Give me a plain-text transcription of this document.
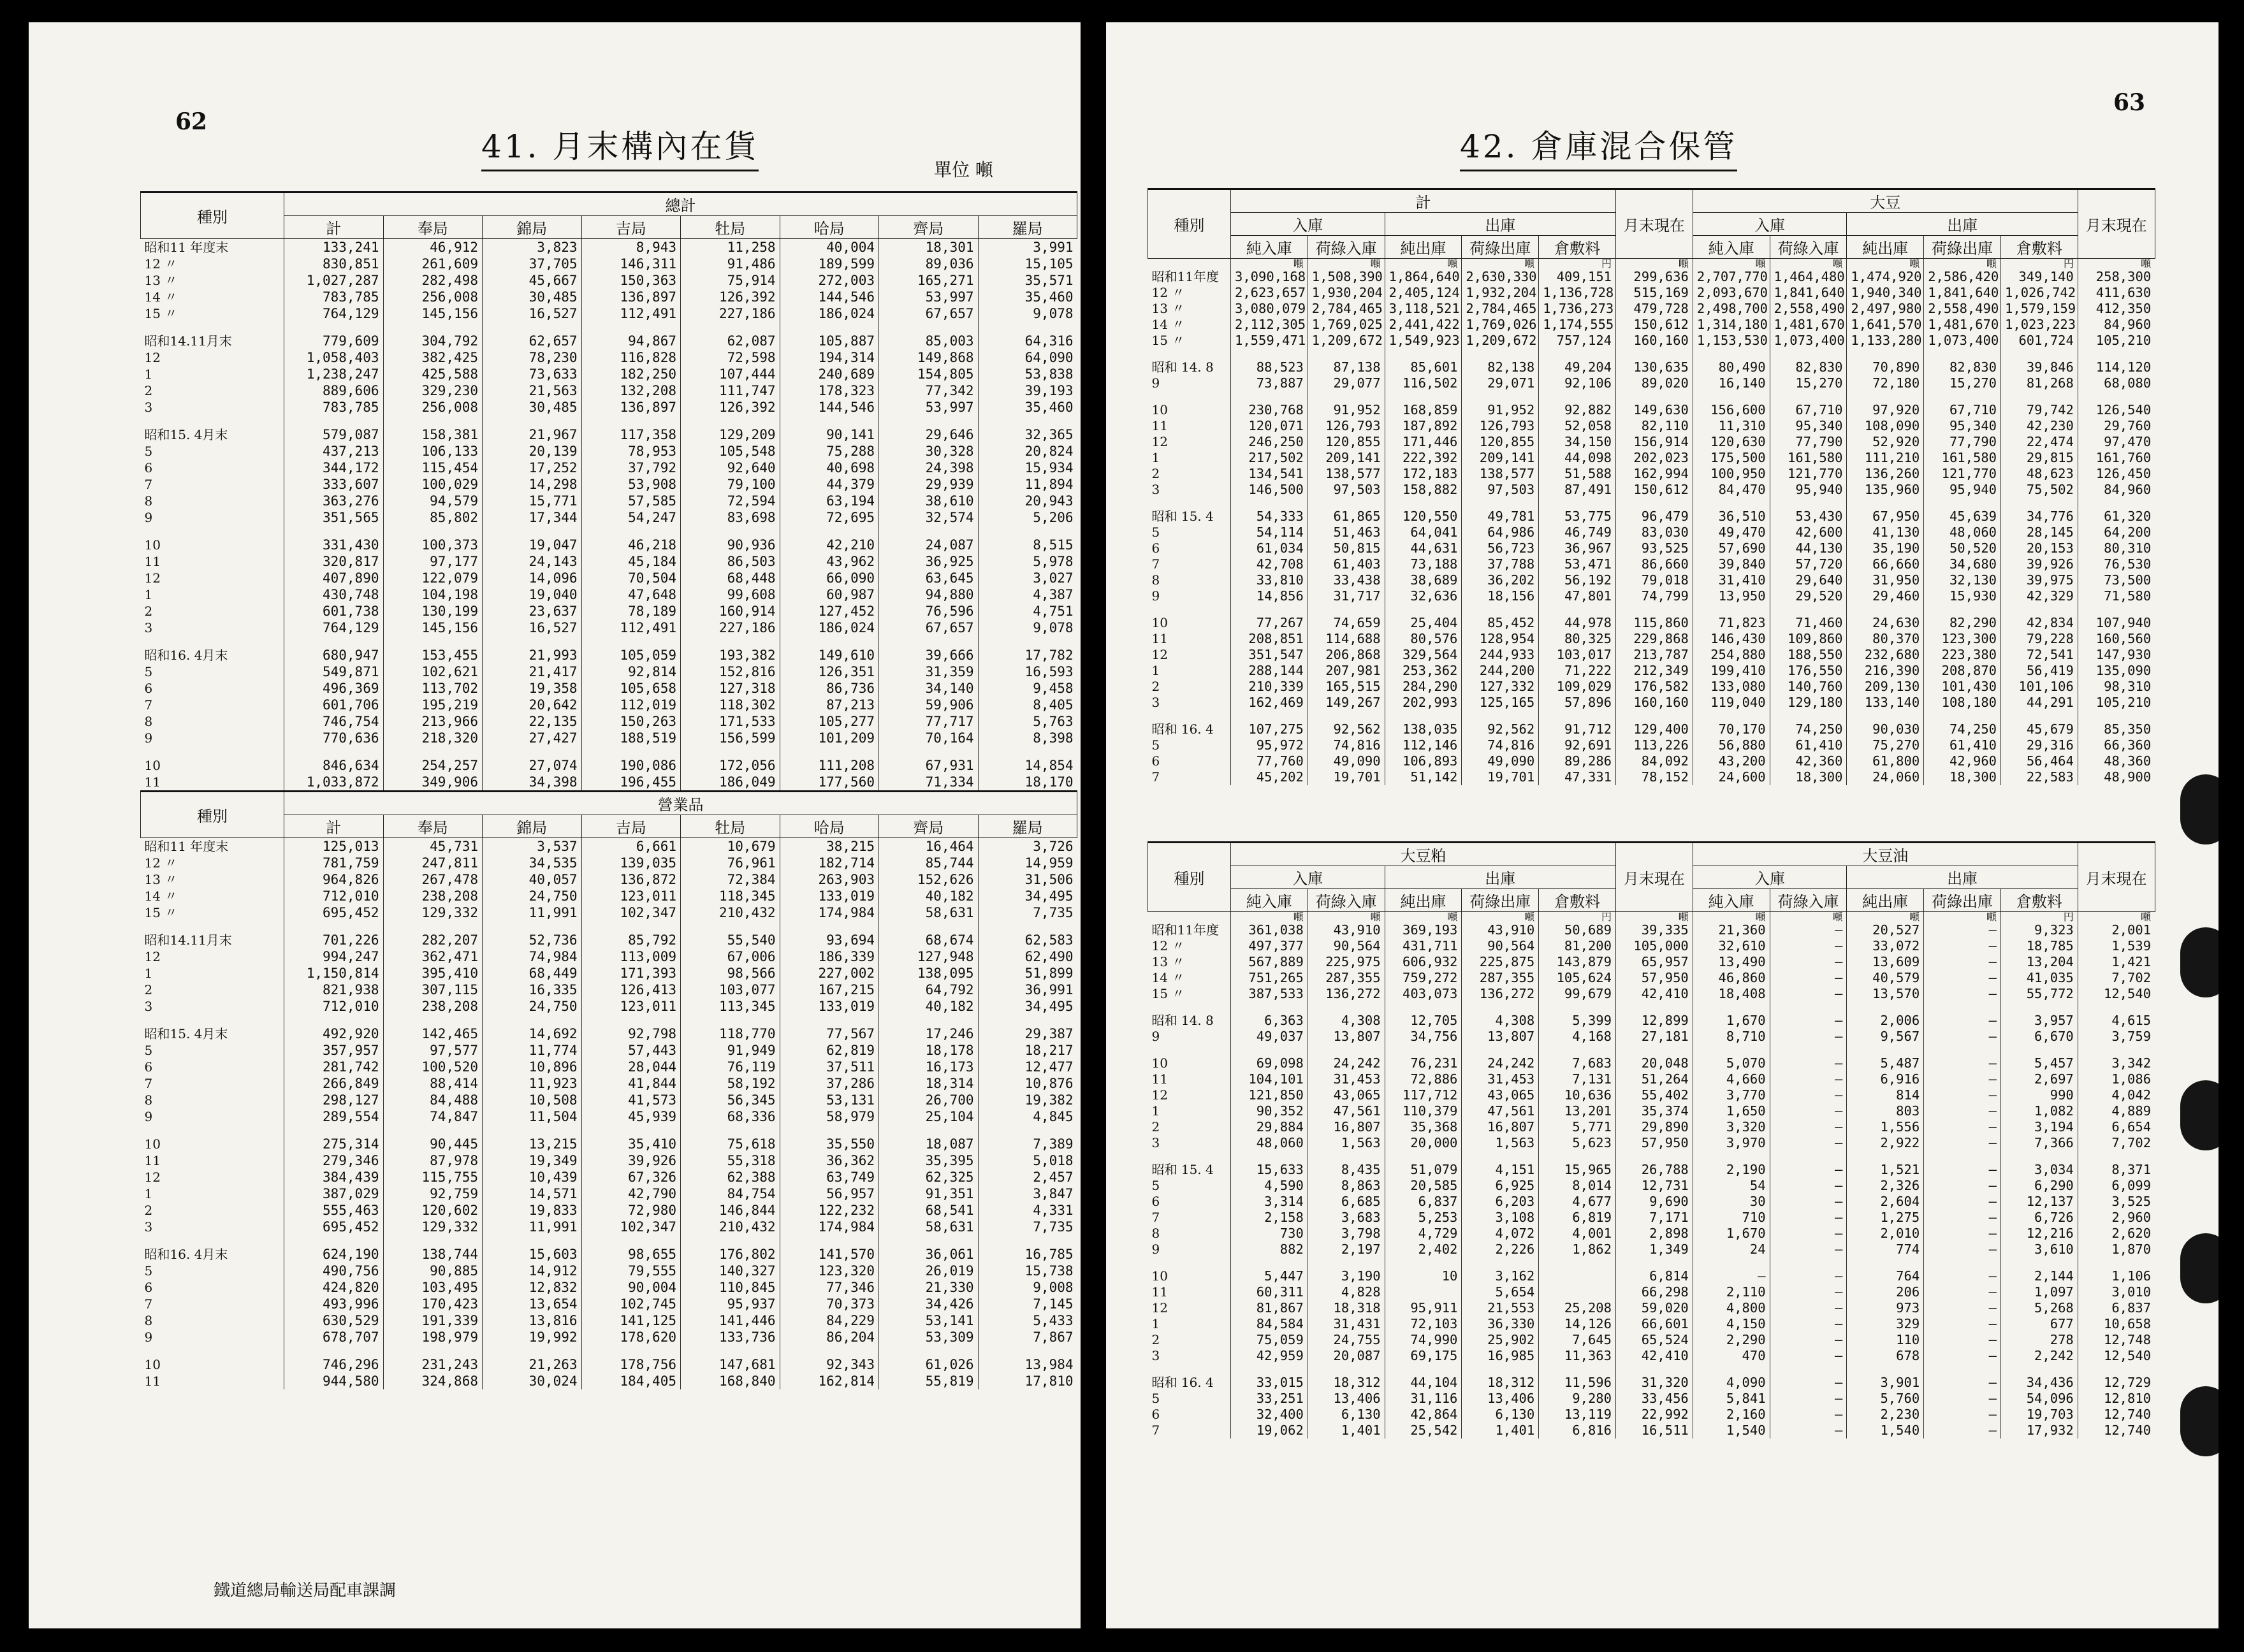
62
41. 月末構內在貨
單位 噸
種別	總計							
	計	奉局	錦局	吉局	牡局	哈局	齊局	羅局
昭和11 年度末	133,241	46,912	3,823	8,943	11,258	40,004	18,301	3,991
12 〃	830,851	261,609	37,705	146,311	91,486	189,599	89,036	15,105
13 〃	1,027,287	282,498	45,667	150,363	75,914	272,003	165,271	35,571
14 〃	783,785	256,008	30,485	136,897	126,392	144,546	53,997	35,460
15 〃	764,129	145,156	16,527	112,491	227,186	186,024	67,657	9,078
昭和14.11月末	779,609	304,792	62,657	94,867	62,087	105,887	85,003	64,316
12	1,058,403	382,425	78,230	116,828	72,598	194,314	149,868	64,090
1	1,238,247	425,588	73,633	182,250	107,444	240,689	154,805	53,838
2	889,606	329,230	21,563	132,208	111,747	178,323	77,342	39,193
3	783,785	256,008	30,485	136,897	126,392	144,546	53,997	35,460
昭和15. 4月末	579,087	158,381	21,967	117,358	129,209	90,141	29,646	32,365
5	437,213	106,133	20,139	78,953	105,548	75,288	30,328	20,824
6	344,172	115,454	17,252	37,792	92,640	40,698	24,398	15,934
7	333,607	100,029	14,298	53,908	79,100	44,379	29,939	11,894
8	363,276	94,579	15,771	57,585	72,594	63,194	38,610	20,943
9	351,565	85,802	17,344	54,247	83,698	72,695	32,574	5,206
10	331,430	100,373	19,047	46,218	90,936	42,210	24,087	8,515
11	320,817	97,177	24,143	45,184	86,503	43,962	36,925	5,978
12	407,890	122,079	14,096	70,504	68,448	66,090	63,645	3,027
1	430,748	104,198	19,040	47,648	99,608	60,987	94,880	4,387
2	601,738	130,199	23,637	78,189	160,914	127,452	76,596	4,751
3	764,129	145,156	16,527	112,491	227,186	186,024	67,657	9,078
昭和16. 4月末	680,947	153,455	21,993	105,059	193,382	149,610	39,666	17,782
5	549,871	102,621	21,417	92,814	152,816	126,351	31,359	16,593
6	496,369	113,702	19,358	105,658	127,318	86,736	34,140	9,458
7	601,706	195,219	20,642	112,019	118,302	87,213	59,906	8,405
8	746,754	213,966	22,135	150,263	171,533	105,277	77,717	5,763
9	770,636	218,320	27,427	188,519	156,599	101,209	70,164	8,398
10	846,634	254,257	27,074	190,086	172,056	111,208	67,931	14,854
11	1,033,872	349,906	34,398	196,455	186,049	177,560	71,334	18,170
種別	營業品							
	計	奉局	錦局	吉局	牡局	哈局	齊局	羅局
昭和11 年度末	125,013	45,731	3,537	6,661	10,679	38,215	16,464	3,726
12 〃	781,759	247,811	34,535	139,035	76,961	182,714	85,744	14,959
13 〃	964,826	267,478	40,057	136,872	72,384	263,903	152,626	31,506
14 〃	712,010	238,208	24,750	123,011	118,345	133,019	40,182	34,495
15 〃	695,452	129,332	11,991	102,347	210,432	174,984	58,631	7,735
昭和14.11月末	701,226	282,207	52,736	85,792	55,540	93,694	68,674	62,583
12	994,247	362,471	74,984	113,009	67,006	186,339	127,948	62,490
1	1,150,814	395,410	68,449	171,393	98,566	227,002	138,095	51,899
2	821,938	307,115	16,335	126,413	103,077	167,215	64,792	36,991
3	712,010	238,208	24,750	123,011	113,345	133,019	40,182	34,495
昭和15. 4月末	492,920	142,465	14,692	92,798	118,770	77,567	17,246	29,387
5	357,957	97,577	11,774	57,443	91,949	62,819	18,178	18,217
6	281,742	100,520	10,896	28,044	76,119	37,511	16,173	12,477
7	266,849	88,414	11,923	41,844	58,192	37,286	18,314	10,876
8	298,127	84,488	10,508	41,573	56,345	53,131	26,700	19,382
9	289,554	74,847	11,504	45,939	68,336	58,979	25,104	4,845
10	275,314	90,445	13,215	35,410	75,618	35,550	18,087	7,389
11	279,346	87,978	19,349	39,926	55,318	36,362	35,395	5,018
12	384,439	115,755	10,439	67,326	62,388	63,749	62,325	2,457
1	387,029	92,759	14,571	42,790	84,754	56,957	91,351	3,847
2	555,463	120,602	19,833	72,980	146,844	122,232	68,541	4,331
3	695,452	129,332	11,991	102,347	210,432	174,984	58,631	7,735
昭和16. 4月末	624,190	138,744	15,603	98,655	176,802	141,570	36,061	16,785
5	490,756	90,885	14,912	79,555	140,327	123,320	26,019	15,738
6	424,820	103,495	12,832	90,004	110,845	77,346	21,330	9,008
7	493,996	170,423	13,654	102,745	95,937	70,373	34,426	7,145
8	630,529	191,339	13,816	141,125	141,446	84,229	53,141	5,433
9	678,707	198,979	19,992	178,620	133,736	86,204	53,309	7,867
10	746,296	231,243	21,263	178,756	147,681	92,343	61,026	13,984
11	944,580	324,868	30,024	184,405	168,840	162,814	55,819	17,810
鐵道總局輸送局配車課調
63
42. 倉庫混合保管
種別	計					月末現在	大豆					月末現在
	入庫		出庫				入庫		出庫			
	純入庫	荷綠入庫	純出庫	荷綠出庫	倉敷料		純入庫	荷綠入庫	純出庫	荷綠出庫	倉敷料	
	噸	噸	噸	噸	円	噸	噸	噸	噸	噸	円	噸
昭和11年度	3,090,168	1,508,390	1,864,640	2,630,330	409,151	299,636	2,707,770	1,464,480	1,474,920	2,586,420	349,140	258,300
12 〃	2,623,657	1,930,204	2,405,124	1,932,204	1,136,728	515,169	2,093,670	1,841,640	1,940,340	1,841,640	1,026,742	411,630
13 〃	3,080,079	2,784,465	3,118,521	2,784,465	1,736,273	479,728	2,498,700	2,558,490	2,497,980	2,558,490	1,579,159	412,350
14 〃	2,112,305	1,769,025	2,441,422	1,769,026	1,174,555	150,612	1,314,180	1,481,670	1,641,570	1,481,670	1,023,223	84,960
15 〃	1,559,471	1,209,672	1,549,923	1,209,672	757,124	160,160	1,153,530	1,073,400	1,133,280	1,073,400	601,724	105,210
昭和 14. 8	88,523	87,138	85,601	82,138	49,204	130,635	80,490	82,830	70,890	82,830	39,846	114,120
9	73,887	29,077	116,502	29,071	92,106	89,020	16,140	15,270	72,180	15,270	81,268	68,080
10	230,768	91,952	168,859	91,952	92,882	149,630	156,600	67,710	97,920	67,710	79,742	126,540
11	120,071	126,793	187,892	126,793	52,058	82,110	11,310	95,340	108,090	95,340	42,230	29,760
12	246,250	120,855	171,446	120,855	34,150	156,914	120,630	77,790	52,920	77,790	22,474	97,470
1	217,502	209,141	222,392	209,141	44,098	202,023	175,500	161,580	111,210	161,580	29,815	161,760
2	134,541	138,577	172,183	138,577	51,588	162,994	100,950	121,770	136,260	121,770	48,623	126,450
3	146,500	97,503	158,882	97,503	87,491	150,612	84,470	95,940	135,960	95,940	75,502	84,960
昭和 15. 4	54,333	61,865	120,550	49,781	53,775	96,479	36,510	53,430	67,950	45,639	34,776	61,320
5	54,114	51,463	64,041	64,986	46,749	83,030	49,470	42,600	41,130	48,060	28,145	64,200
6	61,034	50,815	44,631	56,723	36,967	93,525	57,690	44,130	35,190	50,520	20,153	80,310
7	42,708	61,403	73,188	37,788	53,471	86,660	39,840	57,720	66,660	34,680	39,926	76,530
8	33,810	33,438	38,689	36,202	56,192	79,018	31,410	29,640	31,950	32,130	39,975	73,500
9	14,856	31,717	32,636	18,156	47,801	74,799	13,950	29,520	29,460	15,930	42,329	71,580
10	77,267	74,659	25,404	85,452	44,978	115,860	71,823	71,460	24,630	82,290	42,834	107,940
11	208,851	114,688	80,576	128,954	80,325	229,868	146,430	109,860	80,370	123,300	79,228	160,560
12	351,547	206,868	329,564	244,933	103,017	213,787	254,880	188,550	232,680	223,380	72,541	147,930
1	288,144	207,981	253,362	244,200	71,222	212,349	199,410	176,550	216,390	208,870	56,419	135,090
2	210,339	165,515	284,290	127,332	109,029	176,582	133,080	140,760	209,130	101,430	101,106	98,310
3	162,469	149,267	202,993	125,165	57,896	160,160	119,040	129,180	133,140	108,180	44,291	105,210
昭和 16. 4	107,275	92,562	138,035	92,562	91,712	129,400	70,170	74,250	90,030	74,250	45,679	85,350
5	95,972	74,816	112,146	74,816	92,691	113,226	56,880	61,410	75,270	61,410	29,316	66,360
6	77,760	49,090	106,893	49,090	89,286	84,092	43,200	42,360	61,800	42,960	56,464	48,360
7	45,202	19,701	51,142	19,701	47,331	78,152	24,600	18,300	24,060	18,300	22,583	48,900
種別	大豆粕					月末現在	大豆油					月末現在
	入庫		出庫				入庫		出庫			
	純入庫	荷綠入庫	純出庫	荷綠出庫	倉敷料		純入庫	荷綠入庫	純出庫	荷綠出庫	倉敷料	
	噸	噸	噸	噸	円	噸	噸	噸	噸	噸	円	噸
昭和11年度	361,038	43,910	369,193	43,910	50,689	39,335	21,360	—	20,527	—	9,323	2,001
12 〃	497,377	90,564	431,711	90,564	81,200	105,000	32,610	—	33,072	—	18,785	1,539
13 〃	567,889	225,975	606,932	225,875	143,879	65,957	13,490	—	13,609	—	13,204	1,421
14 〃	751,265	287,355	759,272	287,355	105,624	57,950	46,860	—	40,579	—	41,035	7,702
15 〃	387,533	136,272	403,073	136,272	99,679	42,410	18,408	—	13,570	—	55,772	12,540
昭和 14. 8	6,363	4,308	12,705	4,308	5,399	12,899	1,670	—	2,006	—	3,957	4,615
9	49,037	13,807	34,756	13,807	4,168	27,181	8,710	—	9,567	—	6,670	3,759
10	69,098	24,242	76,231	24,242	7,683	20,048	5,070	—	5,487	—	5,457	3,342
11	104,101	31,453	72,886	31,453	7,131	51,264	4,660	—	6,916	—	2,697	1,086
12	121,850	43,065	117,712	43,065	10,636	55,402	3,770	—	814	—	990	4,042
1	90,352	47,561	110,379	47,561	13,201	35,374	1,650	—	803	—	1,082	4,889
2	29,884	16,807	35,368	16,807	5,771	29,890	3,320	—	1,556	—	3,194	6,654
3	48,060	1,563	20,000	1,563	5,623	57,950	3,970	—	2,922	—	7,366	7,702
昭和 15. 4	15,633	8,435	51,079	4,151	15,965	26,788	2,190	—	1,521	—	3,034	8,371
5	4,590	8,863	20,585	6,925	8,014	12,731	54	—	2,326	—	6,290	6,099
6	3,314	6,685	6,837	6,203	4,677	9,690	30	—	2,604	—	12,137	3,525
7	2,158	3,683	5,253	3,108	6,819	7,171	710	—	1,275	—	6,726	2,960
8	730	3,798	4,729	4,072	4,001	2,898	1,670	—	2,010	—	12,216	2,620
9	882	2,197	2,402	2,226	1,862	1,349	24	—	774	—	3,610	1,870
10	5,447	3,190	10	3,162		6,814	—	—	764	—	2,144	1,106
11	60,311	4,828		5,654		66,298	2,110	—	206	—	1,097	3,010
12	81,867	18,318	95,911	21,553	25,208	59,020	4,800	—	973	—	5,268	6,837
1	84,584	31,431	72,103	36,330	14,126	66,601	4,150	—	329	—	677	10,658
2	75,059	24,755	74,990	25,902	7,645	65,524	2,290	—	110	—	278	12,748
3	42,959	20,087	69,175	16,985	11,363	42,410	470	—	678	—	2,242	12,540
昭和 16. 4	33,015	18,312	44,104	18,312	11,596	31,320	4,090	—	3,901	—	34,436	12,729
5	33,251	13,406	31,116	13,406	9,280	33,456	5,841	—	5,760	—	54,096	12,810
6	32,400	6,130	42,864	6,130	13,119	22,992	2,160	—	2,230	—	19,703	12,740
7	19,062	1,401	25,542	1,401	6,816	16,511	1,540	—	1,540	—	17,932	12,740
